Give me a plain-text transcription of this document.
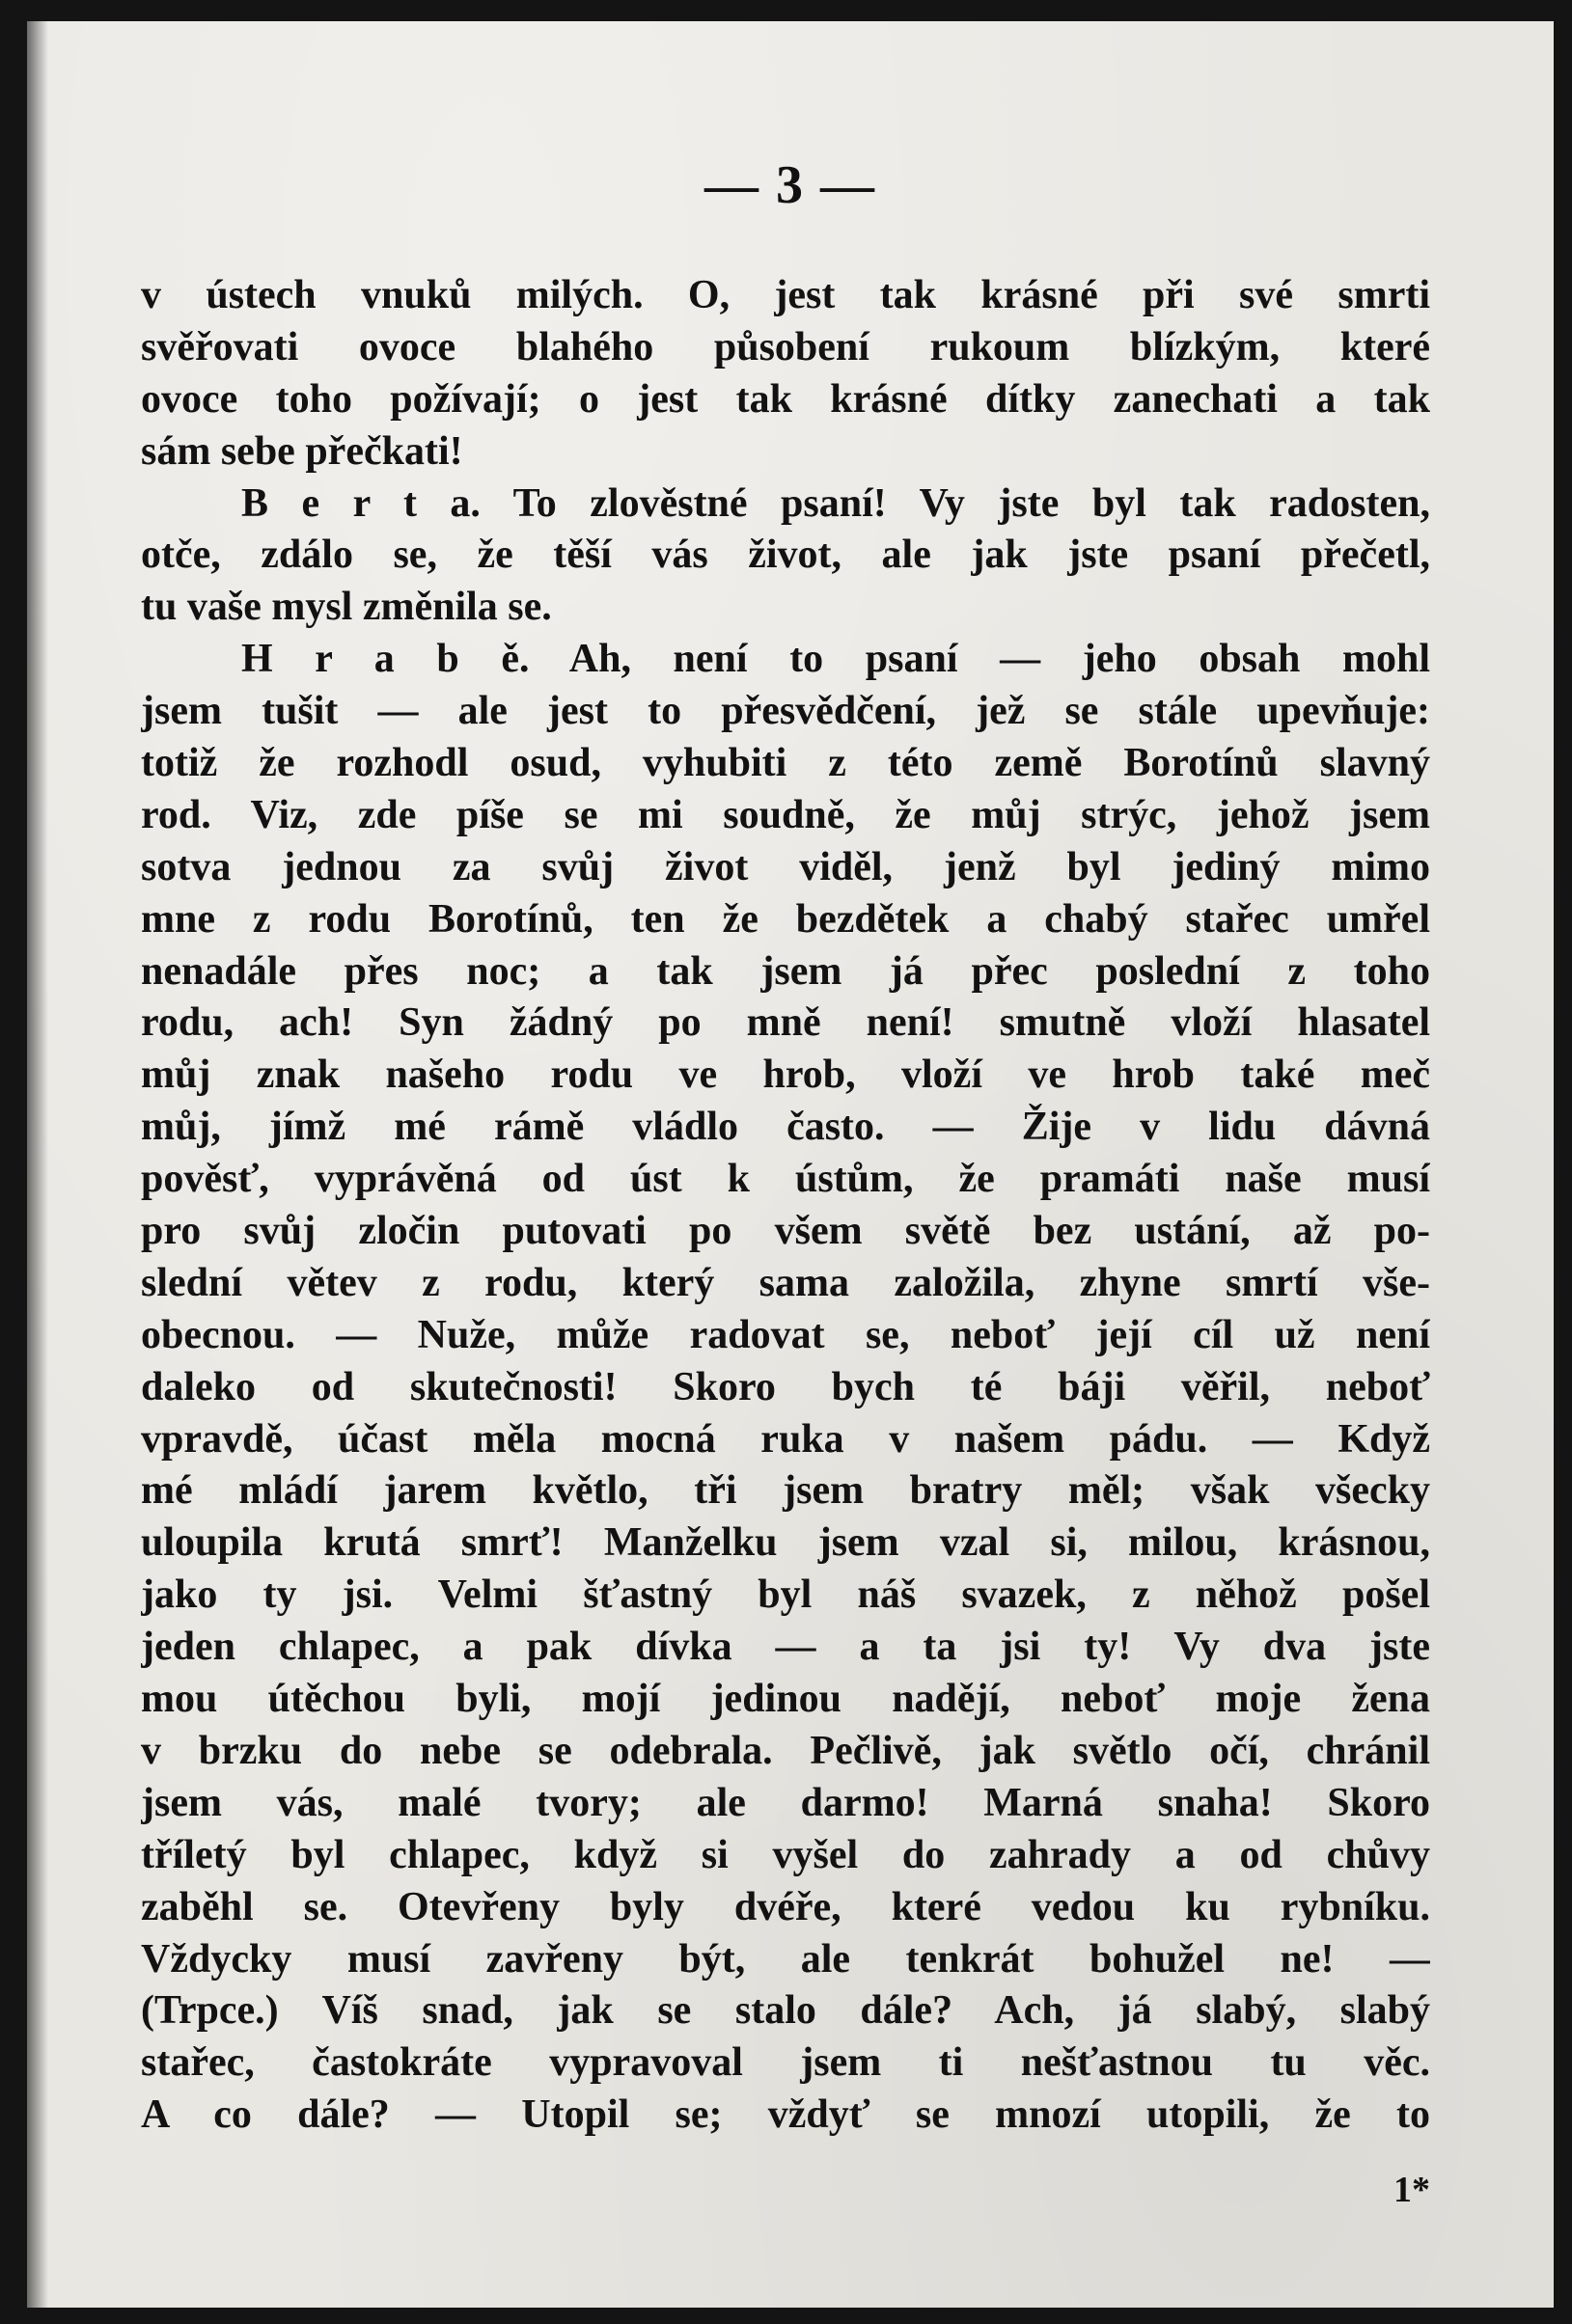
— 3 —
v ústech vnuků milých. O, jest tak krásné při své smrti
svěřovati ovoce blahého působení rukoum blízkým, které
ovoce toho požívají; o jest tak krásné dítky zanechati a tak
sám sebe přečkati!
B e r t a. To zlověstné psaní! Vy jste byl tak radosten,
otče, zdálo se, že těší vás život, ale jak jste psaní přečetl,
tu vaše mysl změnila se.
H r a b ě. Ah, není to psaní — jeho obsah mohl
jsem tušit — ale jest to přesvědčení, jež se stále upevňuje:
totiž že rozhodl osud, vyhubiti z této země Borotínů slavný
rod. Viz, zde píše se mi soudně, že můj strýc, jehož jsem
sotva jednou za svůj život viděl, jenž byl jediný mimo
mne z rodu Borotínů, ten že bezdětek a chabý stařec umřel
nenadále přes noc; a tak jsem já přec poslední z toho
rodu, ach! Syn žádný po mně není! smutně vloží hlasatel
můj znak našeho rodu ve hrob, vloží ve hrob také meč
můj, jímž mé rámě vládlo často. — Žije v lidu dávná
pověsť, vyprávěná od úst k ústům, že pramáti naše musí
pro svůj zločin putovati po všem světě bez ustání, až po-
slední větev z rodu, který sama založila, zhyne smrtí vše-
obecnou. — Nuže, může radovat se, neboť její cíl už není
daleko od skutečnosti! Skoro bych té báji věřil, neboť
vpravdě, účast měla mocná ruka v našem pádu. — Když
mé mládí jarem květlo, tři jsem bratry měl; však všecky
uloupila krutá smrť! Manželku jsem vzal si, milou, krásnou,
jako ty jsi. Velmi šťastný byl náš svazek, z něhož pošel
jeden chlapec, a pak dívka — a ta jsi ty! Vy dva jste
mou útěchou byli, mojí jedinou nadějí, neboť moje žena
v brzku do nebe se odebrala. Pečlivě, jak světlo očí, chránil
jsem vás, malé tvory; ale darmo! Marná snaha! Skoro
tříletý byl chlapec, když si vyšel do zahrady a od chůvy
zaběhl se. Otevřeny byly dvéře, které vedou ku rybníku.
Vždycky musí zavřeny být, ale tenkrát bohužel ne! —
(Trpce.) Víš snad, jak se stalo dále? Ach, já slabý, slabý
stařec, častokráte vypravoval jsem ti nešťastnou tu věc.
A co dále? — Utopil se; vždyť se mnozí utopili, že to
1*
